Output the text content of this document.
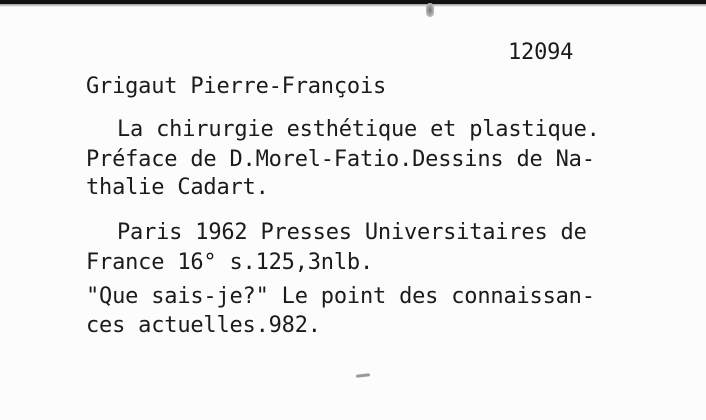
12094
Grigaut Pierre-François
La chirurgie esthétique et plastique.
Préface de D.Morel-Fatio.Dessins de Na-
thalie Cadart.
Paris 1962 Presses Universitaires de
France 16° s.125,3nlb.
"Que sais-je?" Le point des connaissan-
ces actuelles.982.
